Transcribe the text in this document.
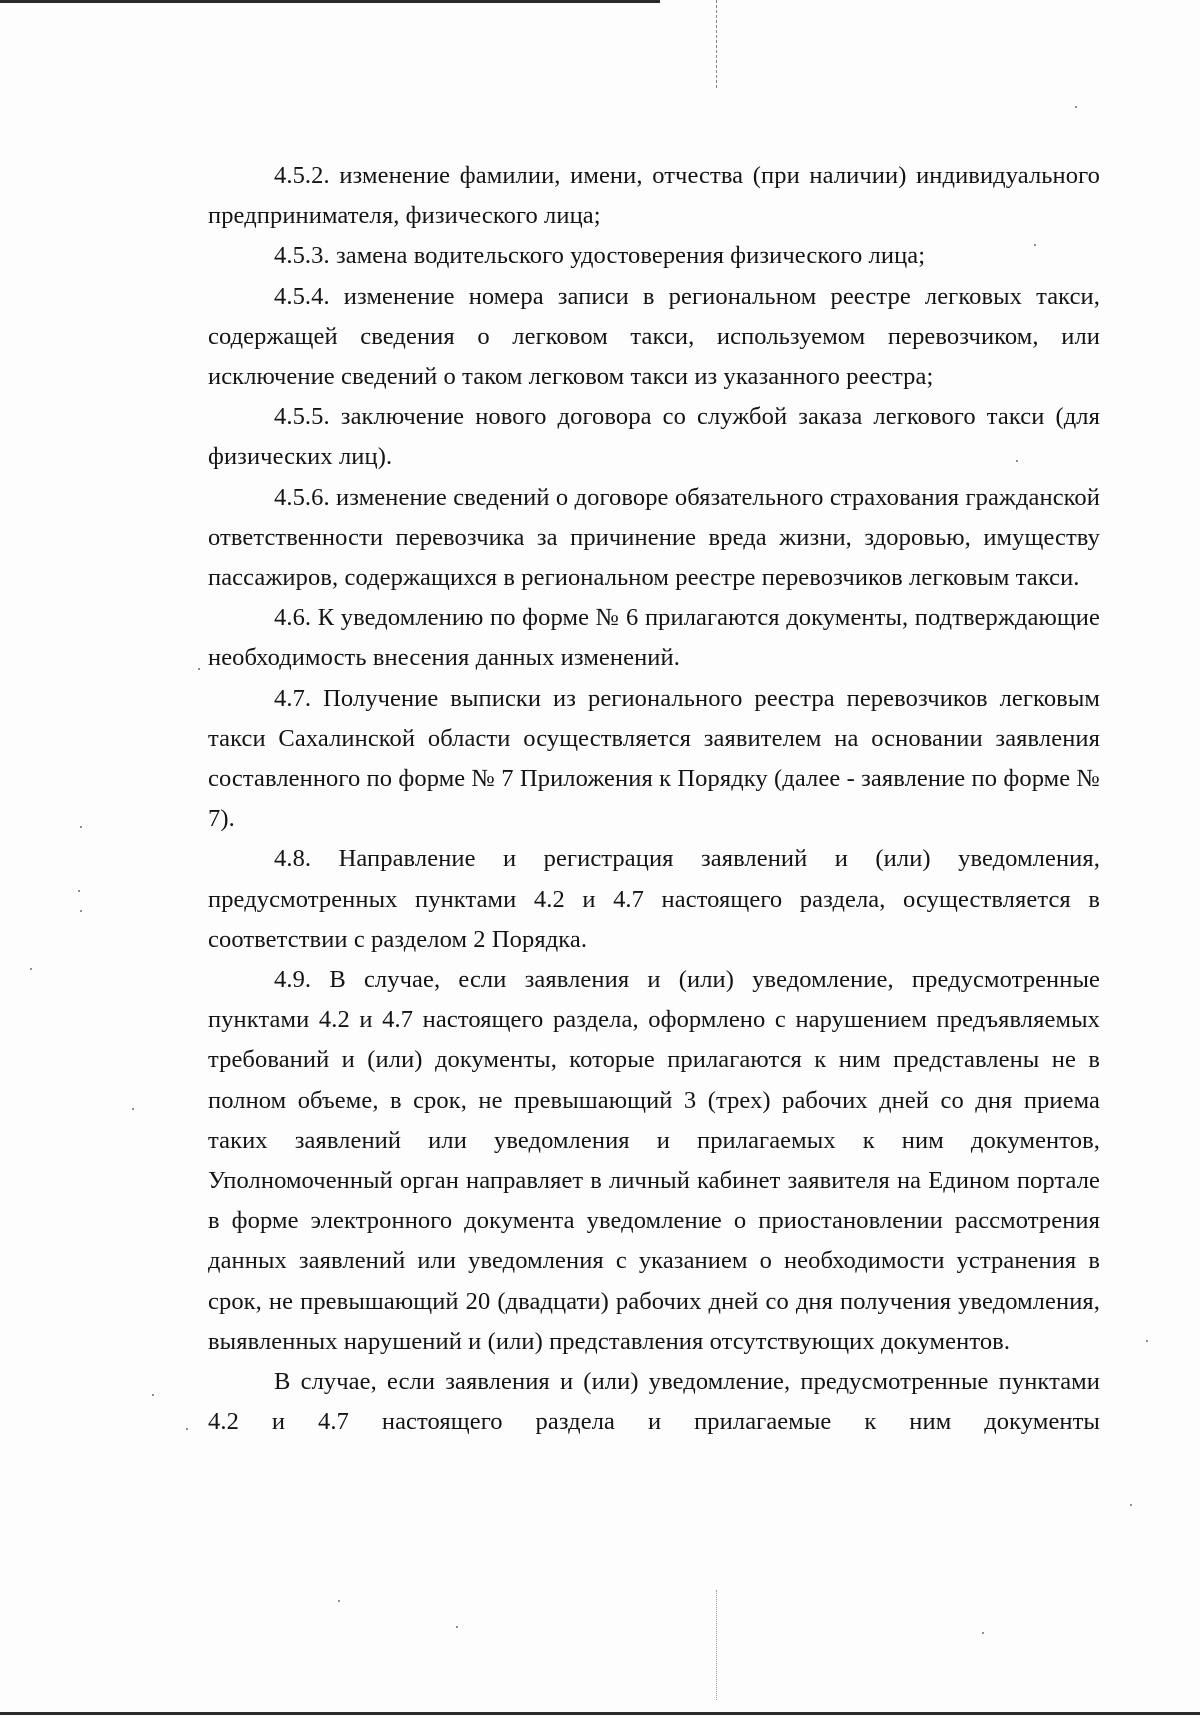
4.5.2. изменение фамилии, имени, отчества (при наличии) индивидуального предпринимателя, физического лица;

4.5.3. замена водительского удостоверения физического лица;

4.5.4. изменение номера записи в региональном реестре легковых такси, содержащей сведения о легковом такси, используемом перевозчиком, или исключение сведений о таком легковом такси из указанного реестра;

4.5.5. заключение нового договора со службой заказа легкового такси (для физических лиц).

4.5.6. изменение сведений о договоре обязательного страхования гражданской ответственности перевозчика за причинение вреда жизни, здоровью, имуществу пассажиров, содержащихся в региональном реестре перевозчиков легковым такси.

4.6. К уведомлению по форме № 6 прилагаются документы, подтверждающие необходимость внесения данных изменений.

4.7. Получение выписки из регионального реестра перевозчиков легковым такси Сахалинской области осуществляется заявителем на основании заявления составленного по форме № 7 Приложения к Порядку (далее - заявление по форме № 7).

4.8. Направление и регистрация заявлений и (или) уведомления, предусмотренных пунктами 4.2 и 4.7 настоящего раздела, осуществляется в соответствии с разделом 2 Порядка.

4.9. В случае, если заявления и (или) уведомление, предусмотренные пунктами 4.2 и 4.7 настоящего раздела, оформлено с нарушением предъявляемых требований и (или) документы, которые прилагаются к ним представлены не в полном объеме, в срок, не превышающий 3 (трех) рабочих дней со дня приема таких заявлений или уведомления и прилагаемых к ним документов, Уполномоченный орган направляет в личный кабинет заявителя на Едином портале в форме электронного документа уведомление о приостановлении рассмотрения данных заявлений или уведомления с указанием о необходимости устранения в срок, не превышающий 20 (двадцати) рабочих дней со дня получения уведомления, выявленных нарушений и (или) представления отсутствующих документов.

В случае, если заявления и (или) уведомление, предусмотренные пунктами 4.2 и 4.7 настоящего раздела и прилагаемые к ним документы
